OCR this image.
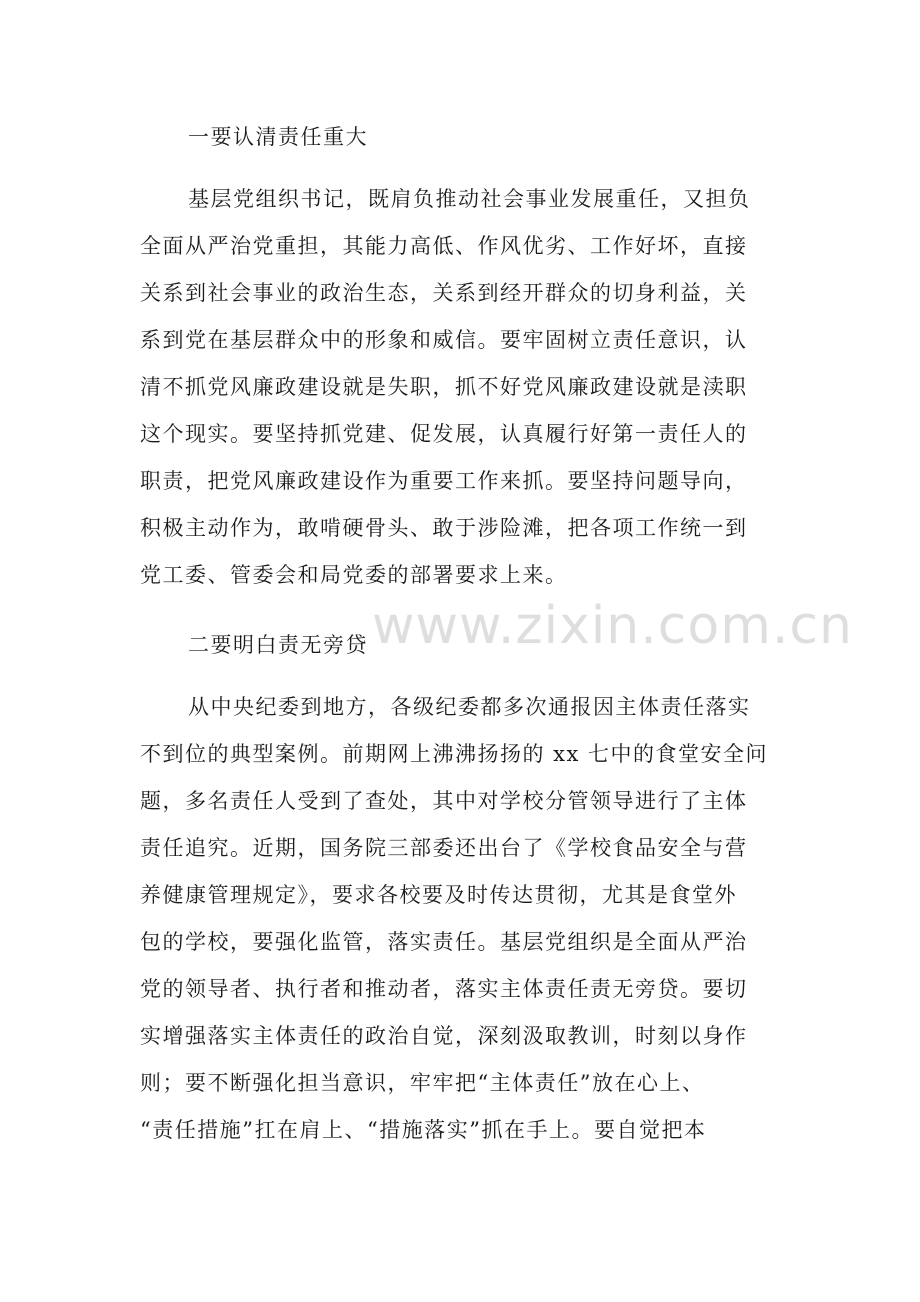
一要认清责任重大
基层党组织书记，既肩负推动社会事业发展重任，又担负
全面从严治党重担，其能力高低、作风优劣、工作好坏，直接
关系到社会事业的政治生态，关系到经开群众的切身利益，关
系到党在基层群众中的形象和威信。要牢固树立责任意识，认
清不抓党风廉政建设就是失职，抓不好党风廉政建设就是渎职
这个现实。要坚持抓党建、促发展，认真履行好第一责任人的
职责，把党风廉政建设作为重要工作来抓。要坚持问题导向，
积极主动作为，敢啃硬骨头、敢于涉险滩，把各项工作统一到
党工委、管委会和局党委的部署要求上来。
二要明白责无旁贷
从中央纪委到地方，各级纪委都多次通报因主体责任落实
不到位的典型案例。前期网上沸沸扬扬的 xx 七中的食堂安全问
题，多名责任人受到了查处，其中对学校分管领导进行了主体
责任追究。近期，国务院三部委还出台了《学校食品安全与营
养健康管理规定》，要求各校要及时传达贯彻，尤其是食堂外
包的学校，要强化监管，落实责任。基层党组织是全面从严治
党的领导者、执行者和推动者，落实主体责任责无旁贷。要切
实增强落实主体责任的政治自觉，深刻汲取教训，时刻以身作
则；要不断强化担当意识，牢牢把“主体责任”放在心上、
“责任措施”扛在肩上、“措施落实”抓在手上。要自觉把本
www.zixin.com.cn
